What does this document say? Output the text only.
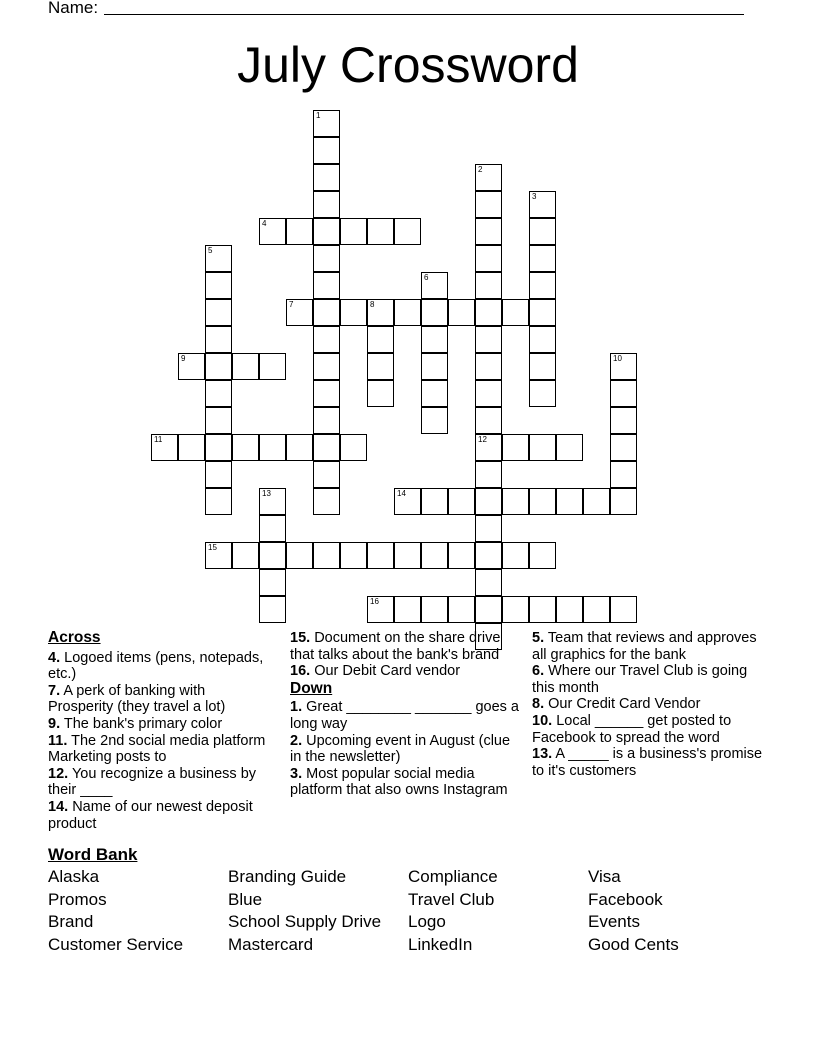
Name:
July Crossword
1
2
12
3
4
5
6
7	8
9	10
11
13	14
15
16
Across
4. Logoed items (pens, notepads, etc.)
7. A perk of banking with Prosperity (they travel a lot)
9. The bank's primary color
11. The 2nd social media platform Marketing posts to
12. You recognize a business by their ____
14. Name of our newest deposit product
15. Document on the share drive that talks about the bank's brand
16. Our Debit Card vendor
Down
1. Great ________ _______ goes a long way
2. Upcoming event in August (clue in the newsletter)
3. Most popular social media platform that also owns Instagram
5. Team that reviews and approves all graphics for the bank
6. Where our Travel Club is going this month
8. Our Credit Card Vendor
10. Local ______ get posted to Facebook to spread the word
13. A _____ is a business's promise to it's customers
Word Bank
Alaska	Branding Guide	Compliance	Visa
Promos	Blue	Travel Club	Facebook
Brand	School Supply Drive	Logo	Events
Customer Service	Mastercard	LinkedIn	Good Cents
